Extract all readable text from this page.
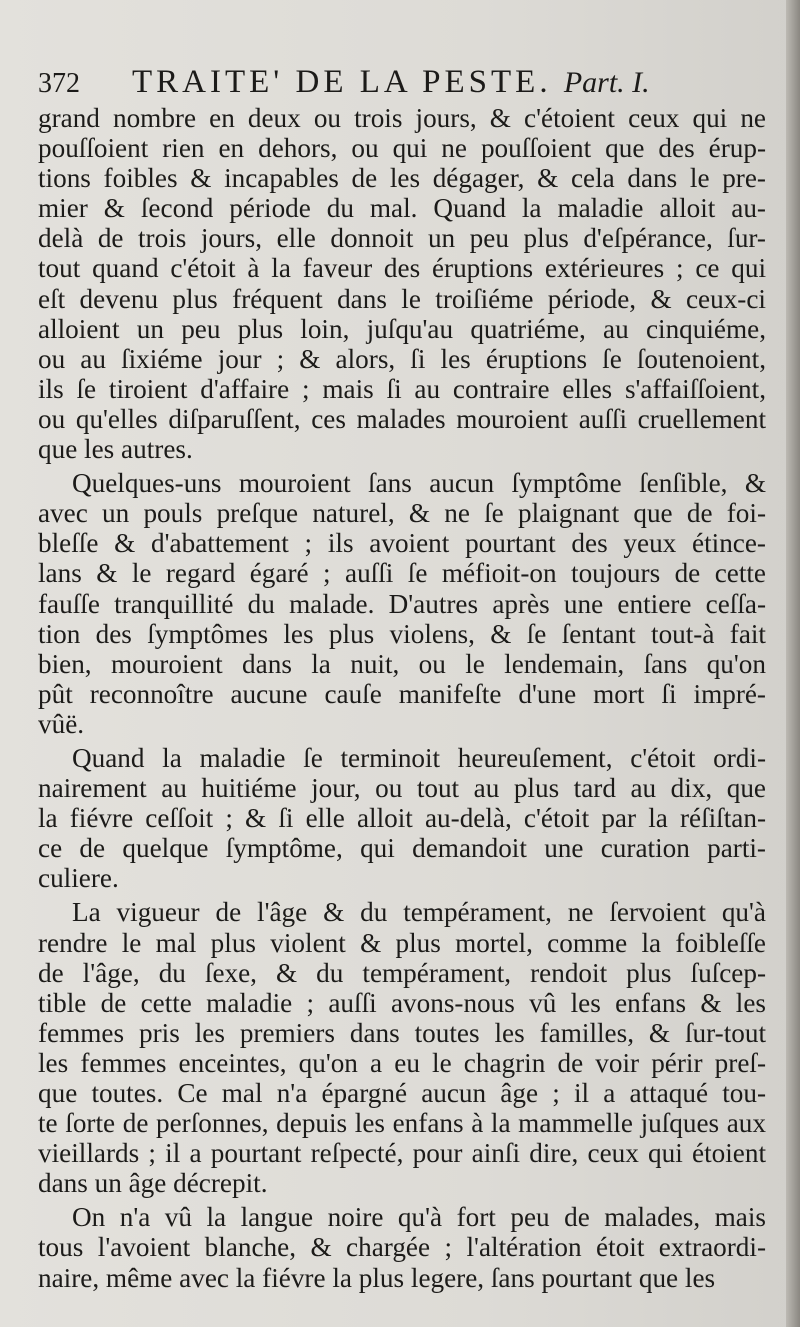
372 TRAITE' DE LA PESTE. Part. I.
grand nombre en deux ou trois jours, & c'étoient ceux qui ne
pouſſoient rien en dehors, ou qui ne pouſſoient que des érup-
tions foibles & incapables de les dégager, & cela dans le pre-
mier & ſecond période du mal. Quand la maladie alloit au-
delà de trois jours, elle donnoit un peu plus d'eſpérance, ſur-
tout quand c'étoit à la faveur des éruptions extérieures ; ce qui
eſt devenu plus fréquent dans le troiſiéme période, & ceux-ci
alloient un peu plus loin, juſqu'au quatriéme, au cinquiéme,
ou au ſixiéme jour ; & alors, ſi les éruptions ſe ſoutenoient,
ils ſe tiroient d'affaire ; mais ſi au contraire elles s'affaiſſoient,
ou qu'elles diſparuſſent, ces malades mouroient auſſi cruellement
que les autres.
Quelques-uns mouroient ſans aucun ſymptôme ſenſible, &
avec un pouls preſque naturel, & ne ſe plaignant que de foi-
bleſſe & d'abattement ; ils avoient pourtant des yeux étince-
lans & le regard égaré ; auſſi ſe méfioit-on toujours de cette
fauſſe tranquillité du malade. D'autres après une entiere ceſſa-
tion des ſymptômes les plus violens, & ſe ſentant tout-à fait
bien, mouroient dans la nuit, ou le lendemain, ſans qu'on
pût reconnoître aucune cauſe manifeſte d'une mort ſi impré-
vûë.
Quand la maladie ſe terminoit heureuſement, c'étoit ordi-
nairement au huitiéme jour, ou tout au plus tard au dix, que
la fiévre ceſſoit ; & ſi elle alloit au-delà, c'étoit par la réſiſtan-
ce de quelque ſymptôme, qui demandoit une curation parti-
culiere.
La vigueur de l'âge & du tempérament, ne ſervoient qu'à
rendre le mal plus violent & plus mortel, comme la foibleſſe
de l'âge, du ſexe, & du tempérament, rendoit plus ſuſcep-
tible de cette maladie ; auſſi avons-nous vû les enfans & les
femmes pris les premiers dans toutes les familles, & ſur-tout
les femmes enceintes, qu'on a eu le chagrin de voir périr preſ-
que toutes. Ce mal n'a épargné aucun âge ; il a attaqué tou-
te ſorte de perſonnes, depuis les enfans à la mammelle juſques aux
vieillards ; il a pourtant reſpecté, pour ainſi dire, ceux qui étoient
dans un âge décrepit.
On n'a vû la langue noire qu'à fort peu de malades, mais
tous l'avoient blanche, & chargée ; l'altération étoit extraordi-
naire, même avec la fiévre la plus legere, ſans pourtant que les
